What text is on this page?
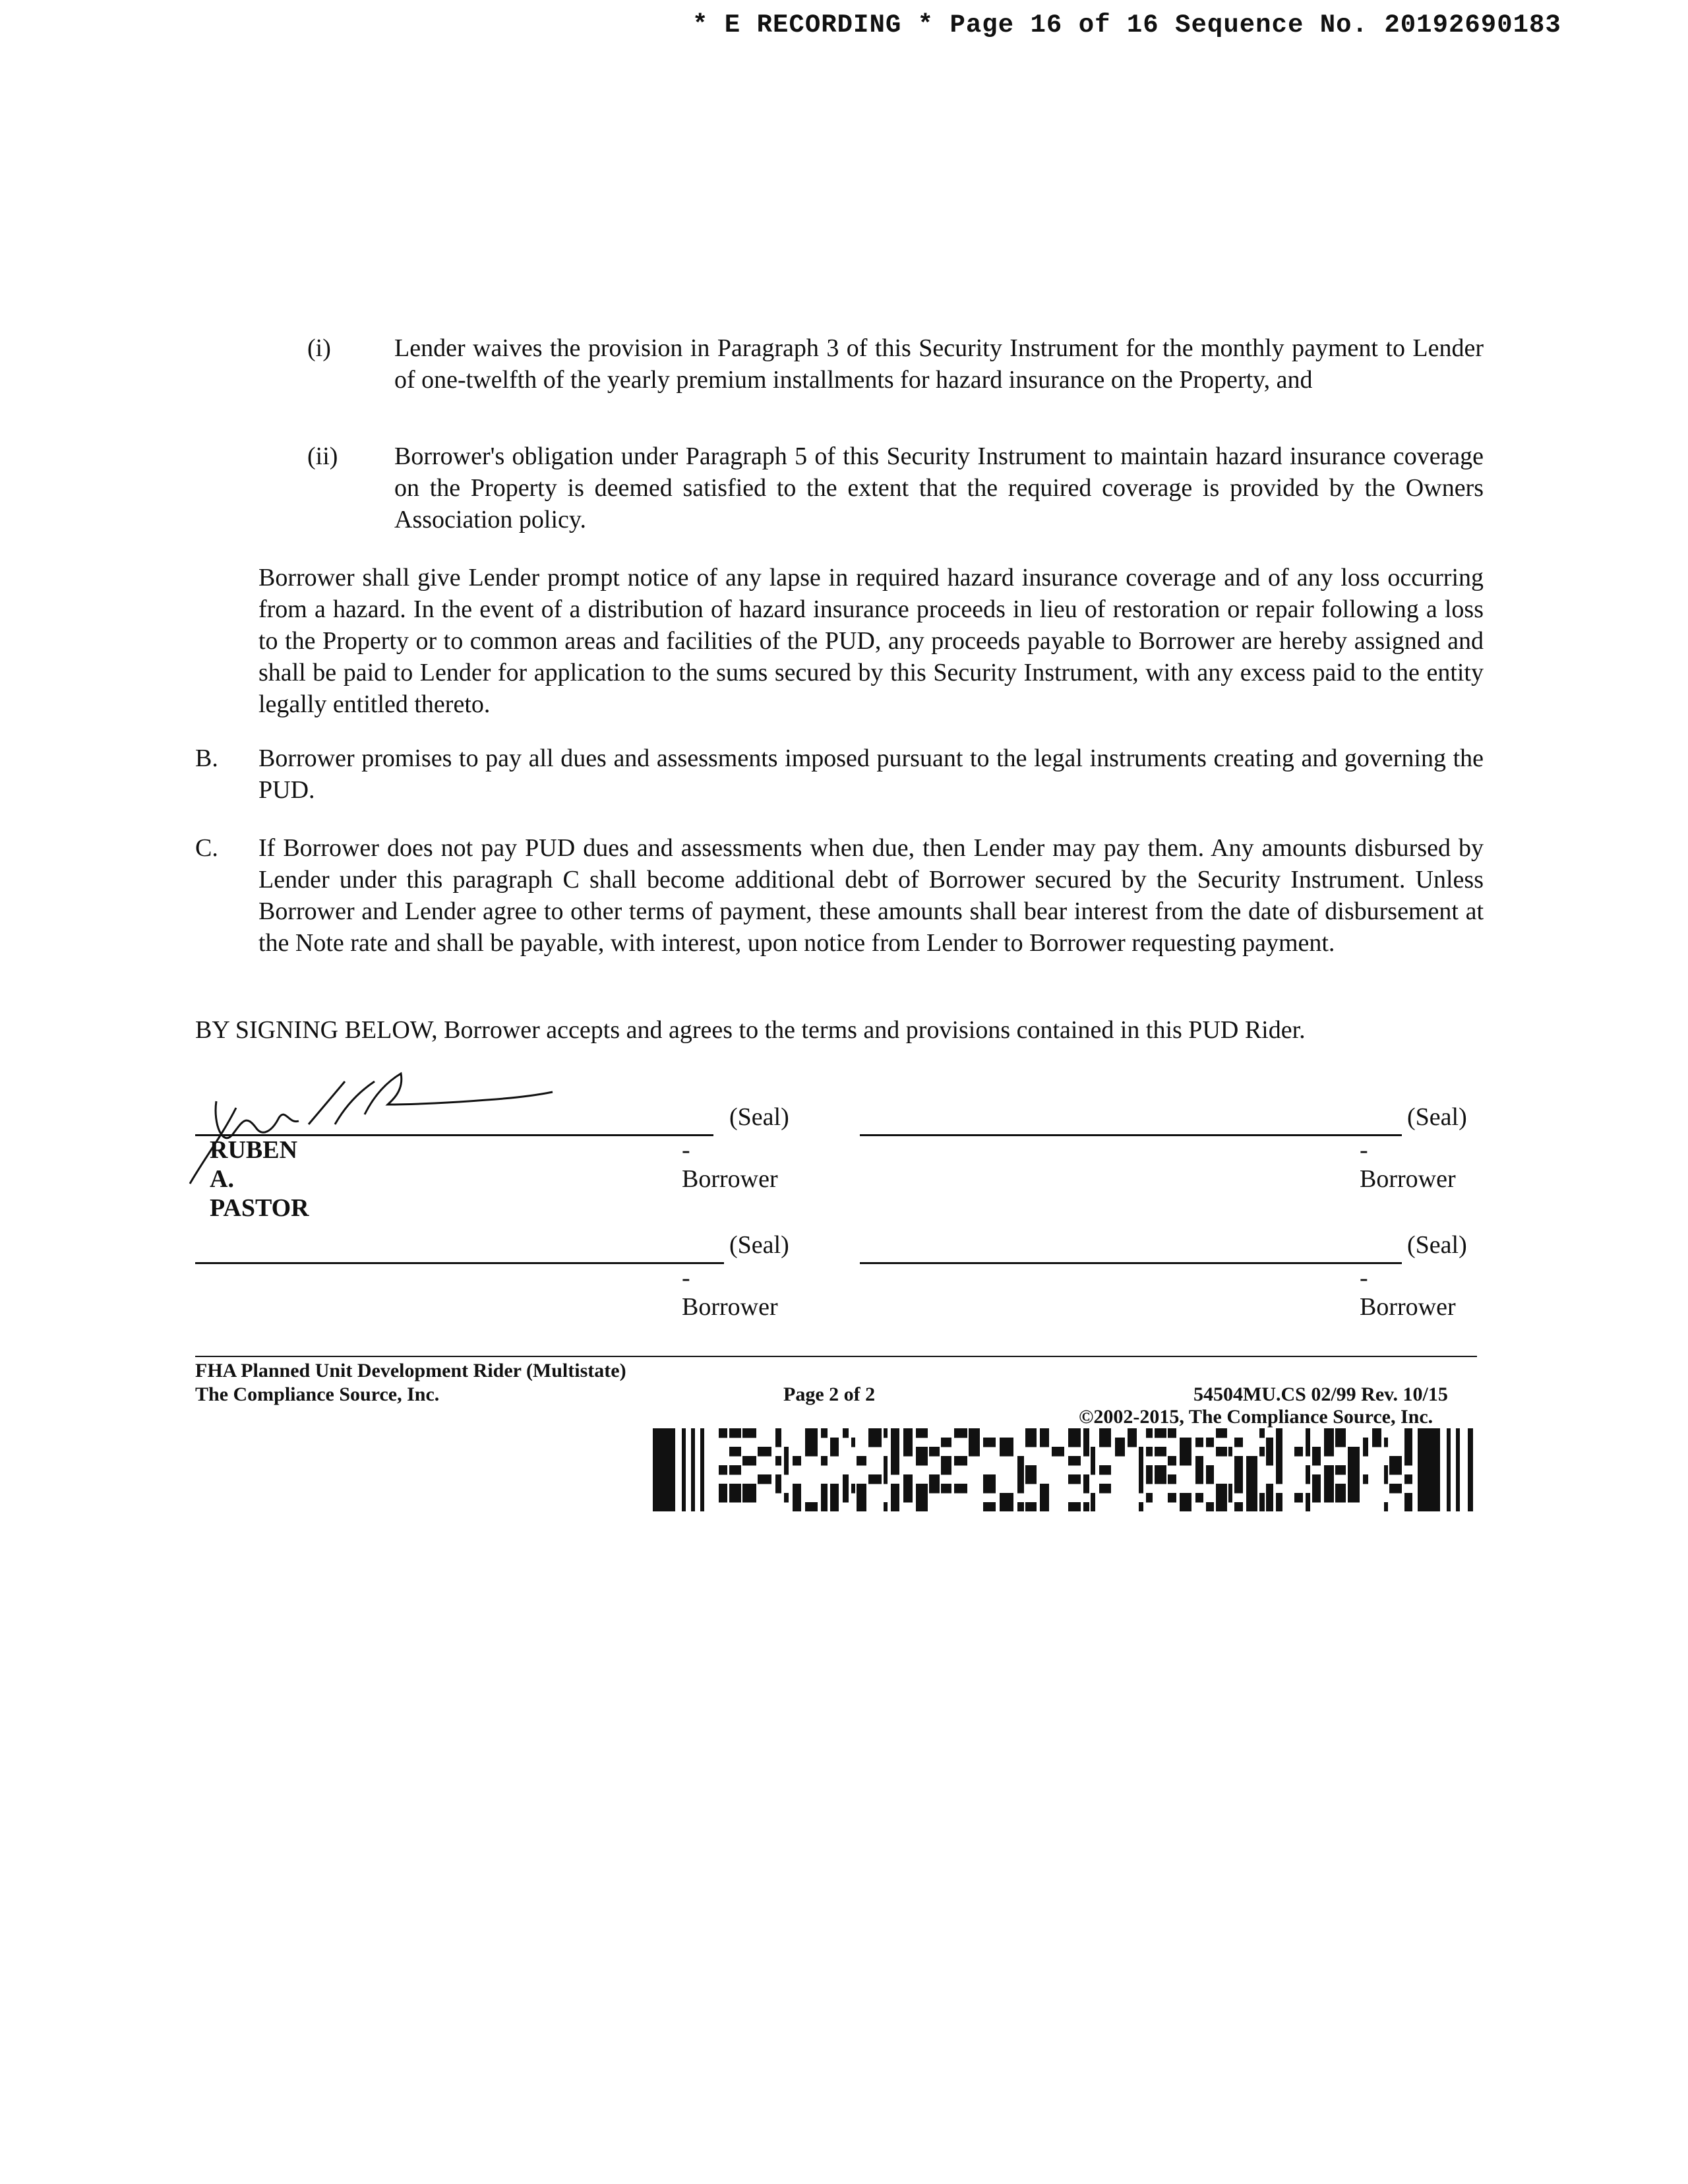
* E RECORDING * Page 16 of 16 Sequence No. 20192690183
(i)	Lender waives the provision in Paragraph 3 of this Security Instrument for the monthly payment to Lender of one-twelfth of the yearly premium installments for hazard insurance on the Property, and
(ii)	Borrower's obligation under Paragraph 5 of this Security Instrument to maintain hazard insurance coverage on the Property is deemed satisfied to the extent that the required coverage is provided by the Owners Association policy.
Borrower shall give Lender prompt notice of any lapse in required hazard insurance coverage and of any loss occurring from a hazard. In the event of a distribution of hazard insurance proceeds in lieu of restoration or repair following a loss to the Property or to common areas and facilities of the PUD, any proceeds payable to Borrower are hereby assigned and shall be paid to Lender for application to the sums secured by this Security Instrument, with any excess paid to the entity legally entitled thereto.
B.	Borrower promises to pay all dues and assessments imposed pursuant to the legal instruments creating and governing the PUD.
C.	If Borrower does not pay PUD dues and assessments when due, then Lender may pay them. Any amounts disbursed by Lender under this paragraph C shall become additional debt of Borrower secured by the Security Instrument. Unless Borrower and Lender agree to other terms of payment, these amounts shall bear interest from the date of disbursement at the Note rate and shall be payable, with interest, upon notice from Lender to Borrower requesting payment.
BY SIGNING BELOW, Borrower accepts and agrees to the terms and provisions contained in this PUD Rider.
(Seal)
RUBEN A. PASTOR
-Borrower
(Seal)
-Borrower
(Seal)
-Borrower
(Seal)
-Borrower
FHA Planned Unit Development Rider (Multistate)
The Compliance Source, Inc.	Page 2 of 2	54504MU.CS 02/99 Rev. 10/15
©2002-2015, The Compliance Source, Inc.
